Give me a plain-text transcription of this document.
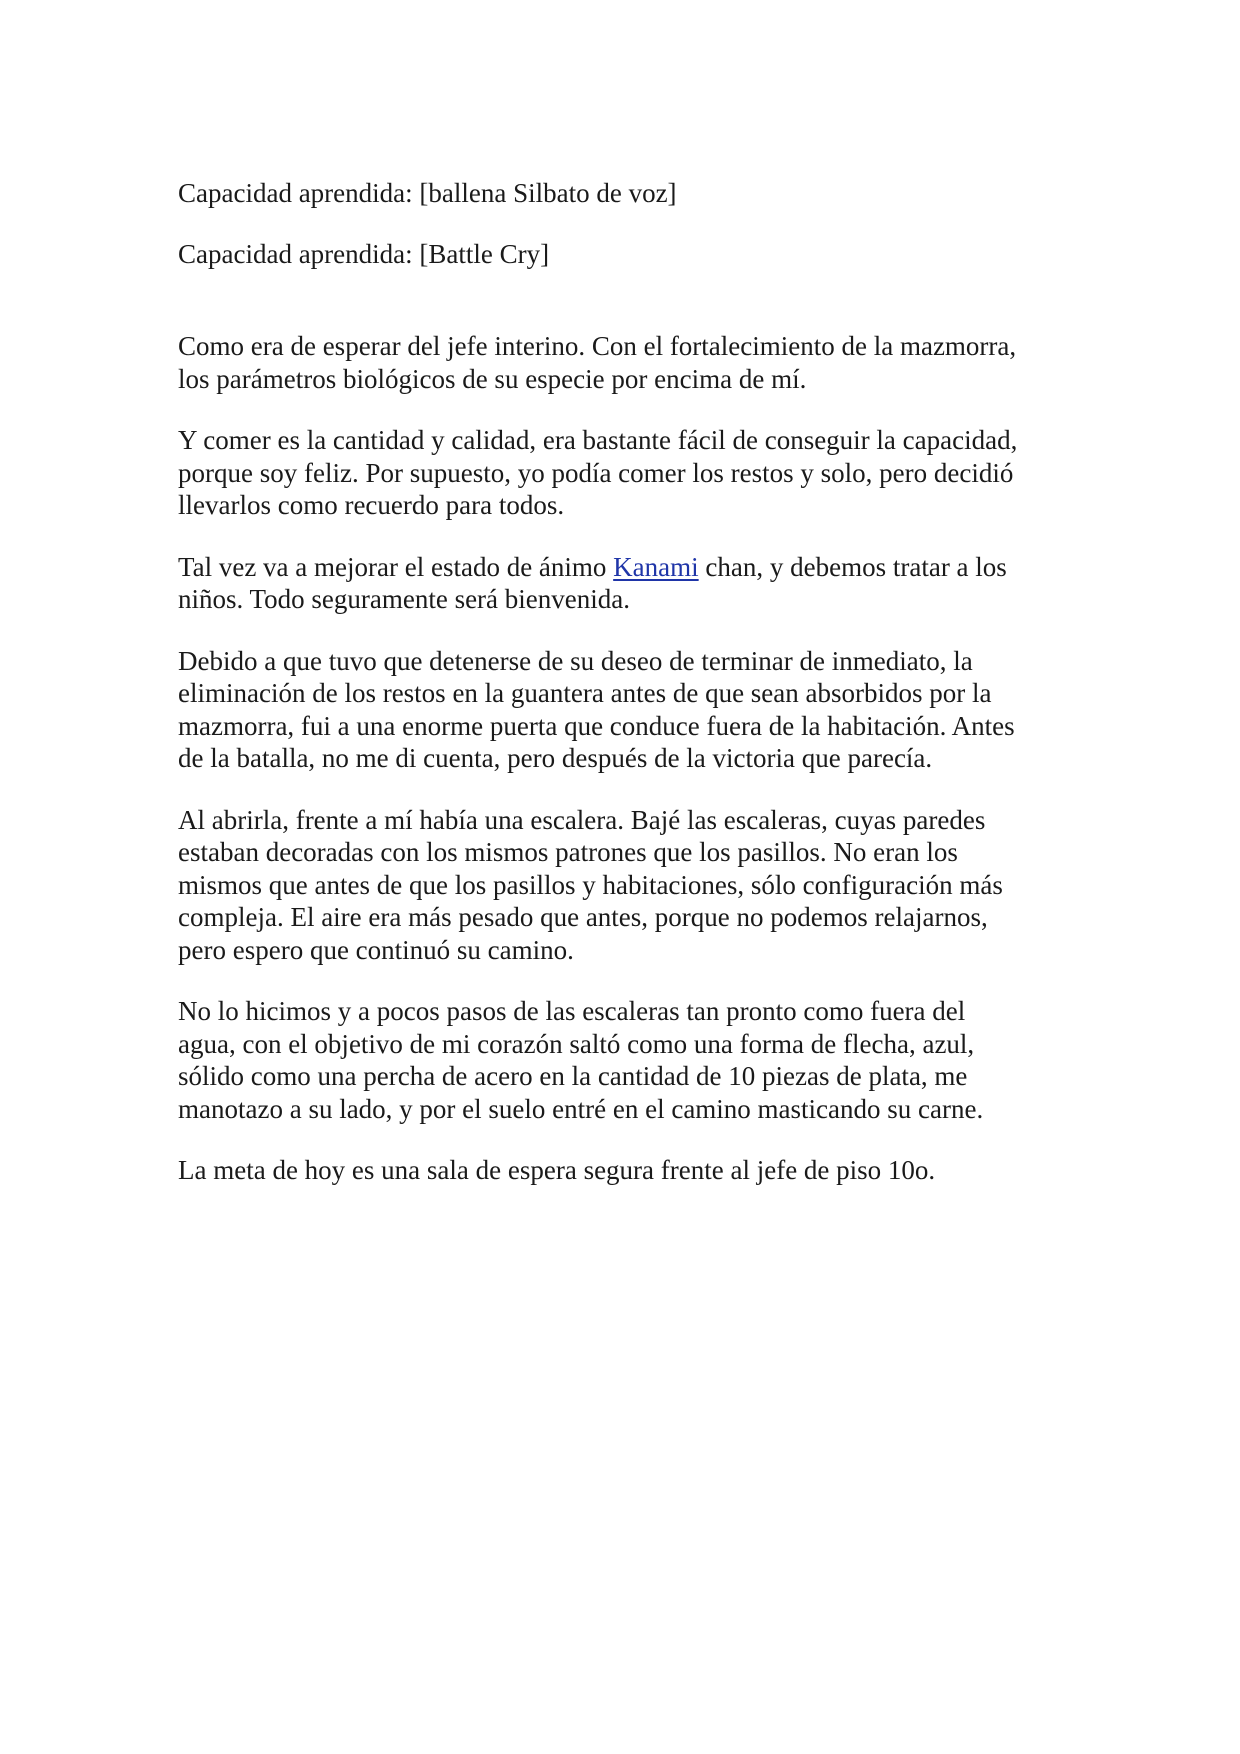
Capacidad aprendida: [ballena Silbato de voz]

Capacidad aprendida: [Battle Cry]

Como era de esperar del jefe interino. Con el fortalecimiento de la mazmorra,
los parámetros biológicos de su especie por encima de mí.

Y comer es la cantidad y calidad, era bastante fácil de conseguir la capacidad,
porque soy feliz. Por supuesto, yo podía comer los restos y solo, pero decidió
llevarlos como recuerdo para todos.

Tal vez va a mejorar el estado de ánimo Kanami chan, y debemos tratar a los
niños. Todo seguramente será bienvenida.

Debido a que tuvo que detenerse de su deseo de terminar de inmediato, la
eliminación de los restos en la guantera antes de que sean absorbidos por la
mazmorra, fui a una enorme puerta que conduce fuera de la habitación. Antes
de la batalla, no me di cuenta, pero después de la victoria que parecía.

Al abrirla, frente a mí había una escalera. Bajé las escaleras, cuyas paredes
estaban decoradas con los mismos patrones que los pasillos. No eran los
mismos que antes de que los pasillos y habitaciones, sólo configuración más
compleja. El aire era más pesado que antes, porque no podemos relajarnos,
pero espero que continuó su camino.

No lo hicimos y a pocos pasos de las escaleras tan pronto como fuera del
agua, con el objetivo de mi corazón saltó como una forma de flecha, azul,
sólido como una percha de acero en la cantidad de 10 piezas de plata, me
manotazo a su lado, y por el suelo entré en el camino masticando su carne.

La meta de hoy es una sala de espera segura frente al jefe de piso 10o.
